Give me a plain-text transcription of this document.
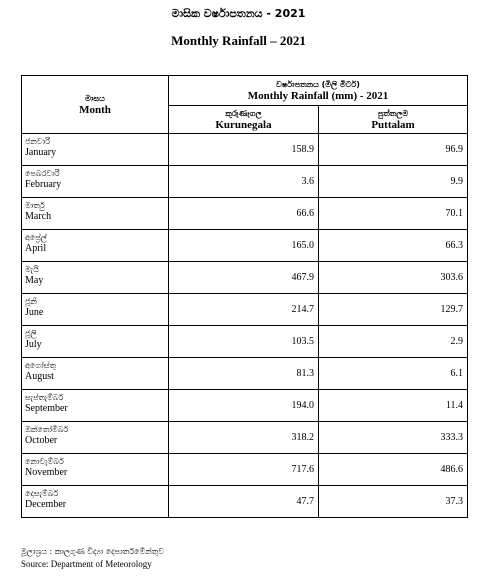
මාසික වර්ෂාපතනය - 2021
Monthly Rainfall – 2021
මාසය
Month	වර්ෂාපතනය (මිලි මීටර්)
Monthly Rainfall (mm) - 2021	

	කුරුණෑගල
Kurunegala	පුත්තලම
Puttalam

ජනවාරි
January	158.9	96.9

පෙබරවාරි
February	3.6	9.9

මාර්තු
March	66.6	70.1

අප්‍රේල්
April	165.0	66.3

මැයි
May	467.9	303.6

ජූනි
June	214.7	129.7

ජූලි
July	103.5	2.9

අගෝස්තු
August	81.3	6.1

සැප්තැම්බර්
September	194.0	11.4

ඔක්තෝම්බර්
October	318.2	333.3

නොවැම්බර්
November	717.6	486.6

දෙසැම්බර්
December	47.7	37.3
මූලාශ්‍රය : කාලගුණ විද්‍යා දෙපාර්තමේන්තුව
Source: Department of Meteorology
